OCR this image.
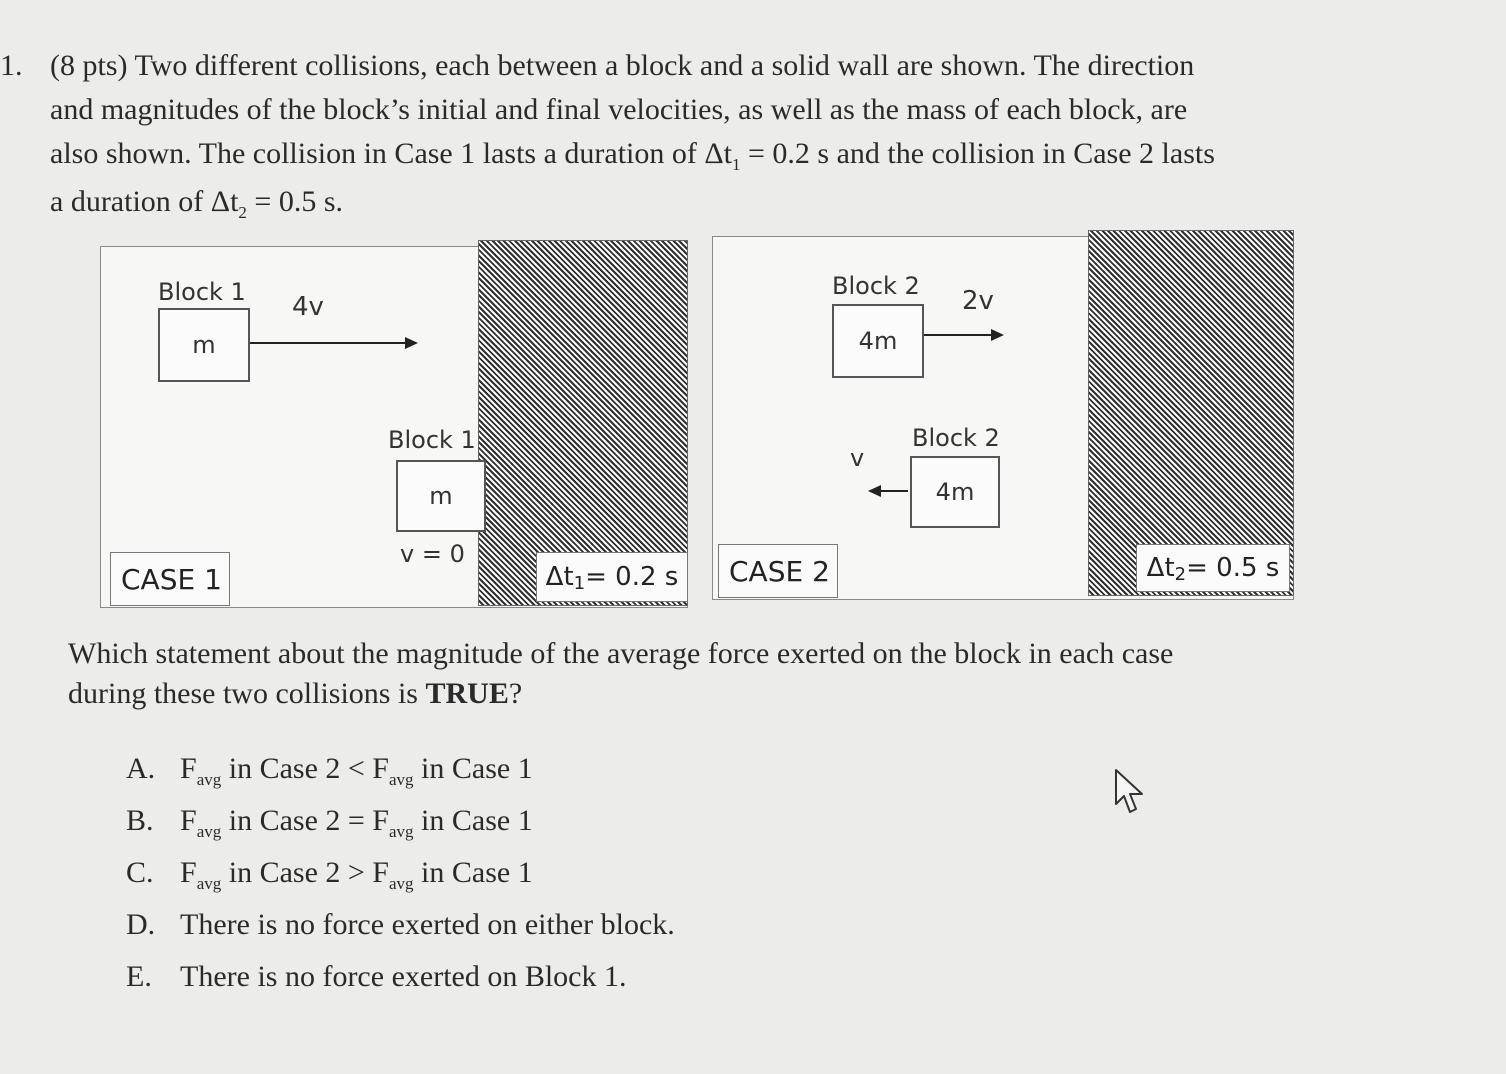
1. (8 pts) Two different collisions, each between a block and a solid wall are shown. The direction
and magnitudes of the block’s initial and final velocities, as well as the mass of each block, are
also shown. The collision in Case 1 lasts a duration of $\Delta t_1 = 0.2$ s and the collision in Case 2 lasts
a duration of $\Delta t_2 = 0.5$ s.
Block 1
m
4v
Block 1
m
v = 0
CASE 1	Δt 1 = 0.2 s
Block 2
4m
2v
Block 2
4m
v
CASE 2	Δt 2 = 0.5 s
Which statement about the magnitude of the average force exerted on the block in each case
during these two collisions is TRUE?
A. $F_{avg}$ in Case $2 < F_{avg}$ in Case 1
B. $F_{avg}$ in Case $2 = F_{avg}$ in Case 1
C. $F_{avg}$ in Case $2 > F_{avg}$ in Case 1
D. There is no force exerted on either block.
E. There is no force exerted on Block 1.
